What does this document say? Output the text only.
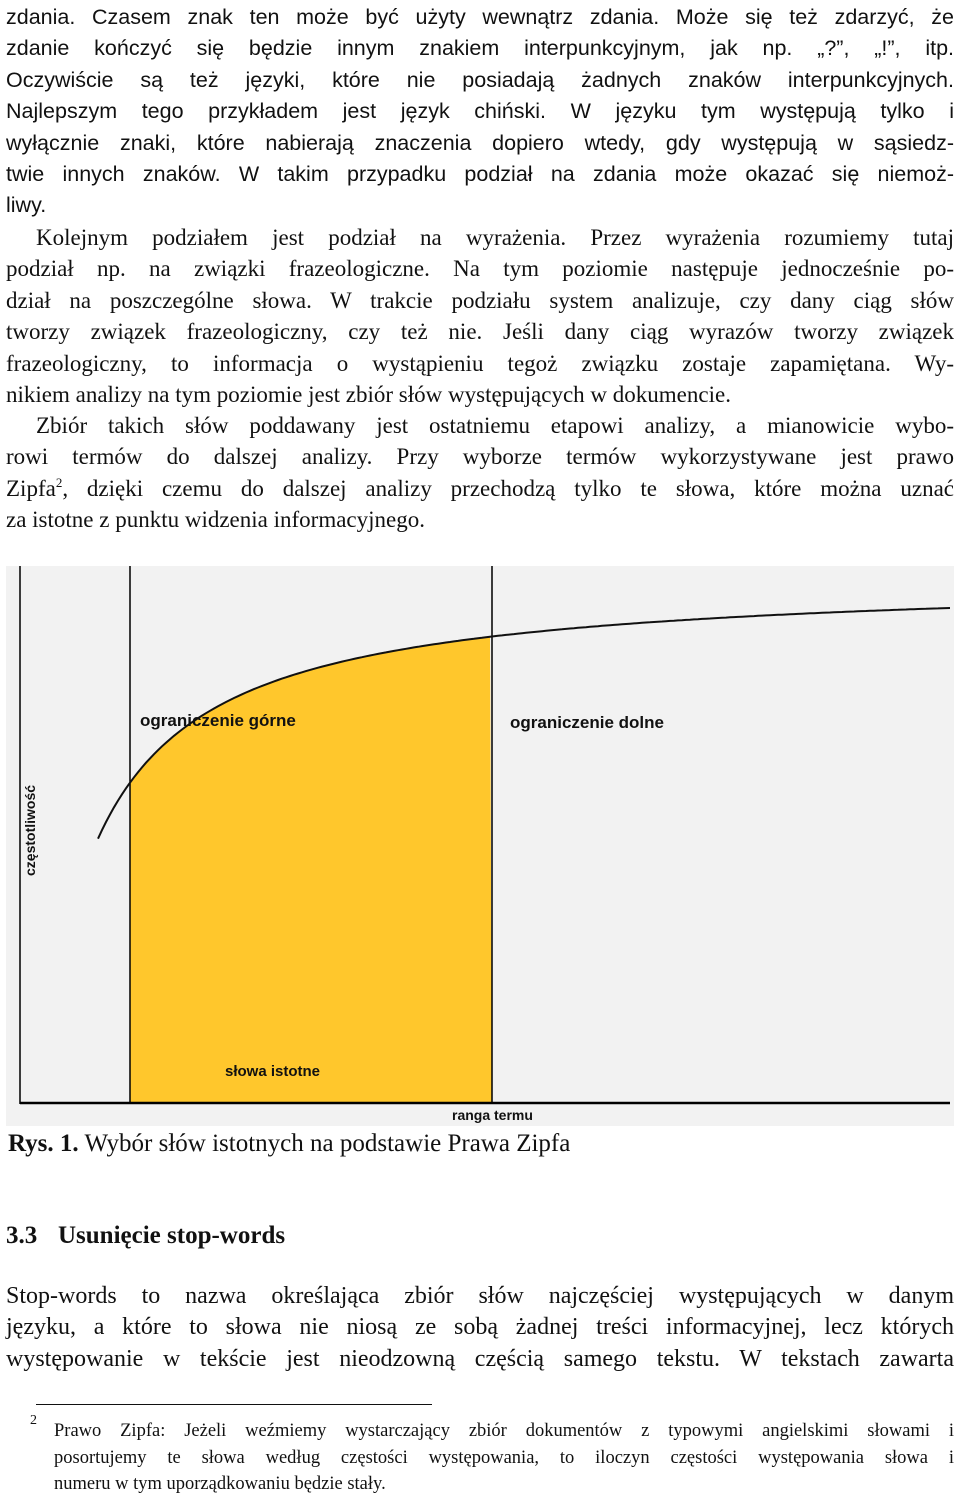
zdania. Czasem znak ten może być użyty wewnątrz zdania. Może się też zdarzyć, że
zdanie kończyć się będzie innym znakiem interpunkcyjnym, jak np. „?”, „!”, itp.
Oczywiście są też języki, które nie posiadają żadnych znaków interpunkcyjnych.
Najlepszym tego przykładem jest język chiński. W języku tym występują tylko i
wyłącznie znaki, które nabierają znaczenia dopiero wtedy, gdy występują w sąsiedz-
twie innych znaków. W takim przypadku podział na zdania może okazać się niemoż-
liwy.
Kolejnym podziałem jest podział na wyrażenia. Przez wyrażenia rozumiemy tutaj
podział np. na związki frazeologiczne. Na tym poziomie następuje jednocześnie po-
dział na poszczególne słowa. W trakcie podziału system analizuje, czy dany ciąg słów
tworzy związek frazeologiczny, czy też nie. Jeśli dany ciąg wyrazów tworzy związek
frazeologiczny, to informacja o wystąpieniu tegoż związku zostaje zapamiętana. Wy-
nikiem analizy na tym poziomie jest zbiór słów występujących w dokumencie.
Zbiór takich słów poddawany jest ostatniemu etapowi analizy, a mianowicie wybo-
rowi termów do dalszej analizy. Przy wyborze termów wykorzystywane jest prawo
Zipfa$^2$, dzięki czemu do dalszej analizy przechodzą tylko te słowa, które można uznać
za istotne z punktu widzenia informacyjnego.
ograniczenie górne	ograniczenie dolne
słowa istotne
ranga termu
częstotliwość

Rys. 1. Wybór słów istotnych na podstawie Prawa Zipfa

3.3 Usunięcie stop-words
Stop-words to nazwa określająca zbiór słów najczęściej występujących w danym
języku, a które to słowa nie niosą ze sobą żadnej treści informacyjnej, lecz których
występowanie w tekście jest nieodzowną częścią samego tekstu. W tekstach zawarta
2
Prawo Zipfa: Jeżeli weźmiemy wystarczający zbiór dokumentów z typowymi angielskimi słowami i
posortujemy te słowa według częstości występowania, to iloczyn częstości występowania słowa i
numeru w tym uporządkowaniu będzie stały.
